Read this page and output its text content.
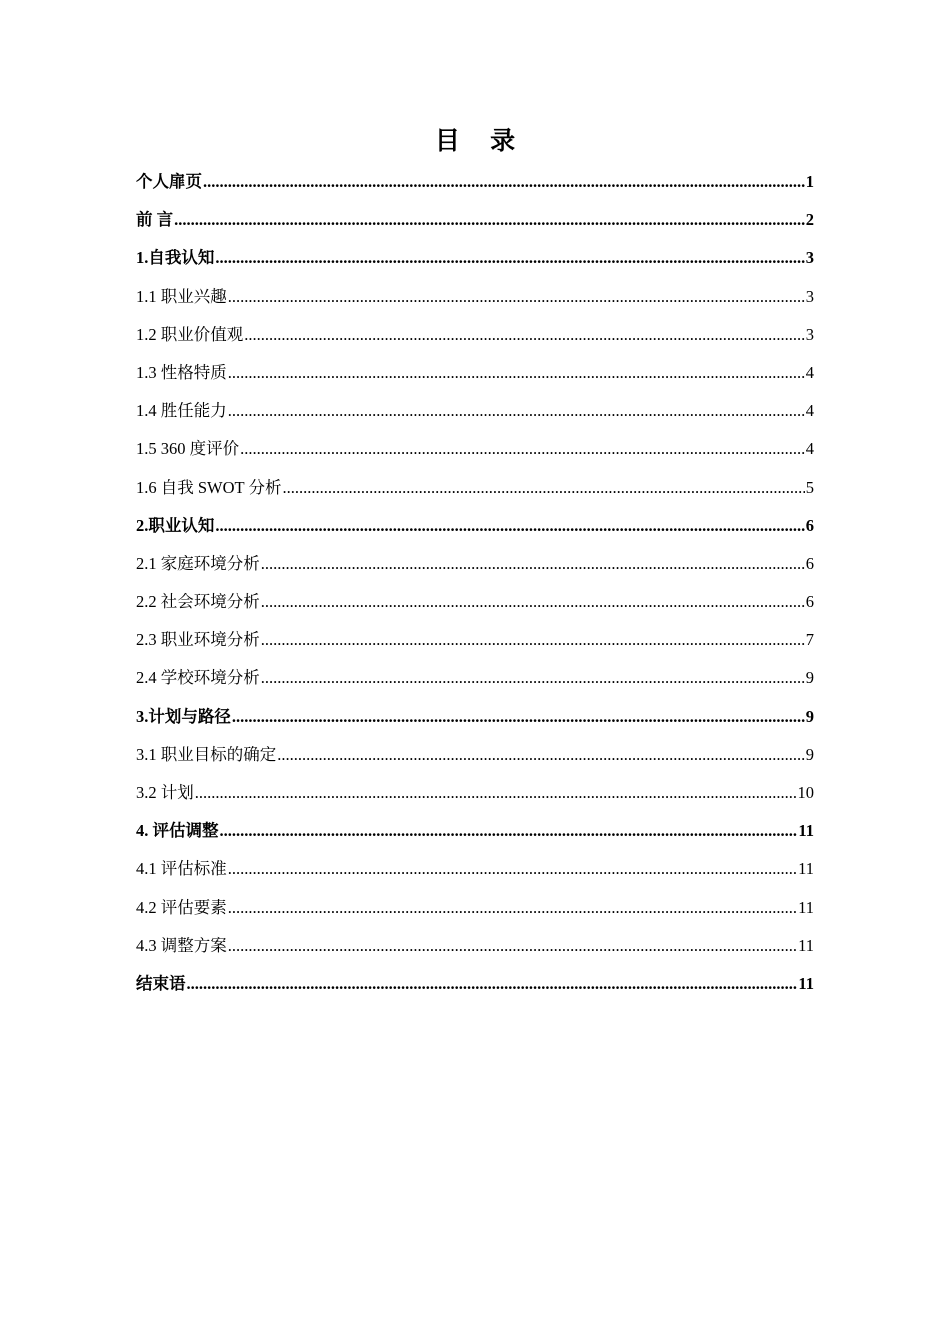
目 录
个人扉页 .....	1
前 言 .....	2
1.自我认知 .....	3
1.1 职业兴趣 .....	3
1.2 职业价值观 .....	3
1.3 性格特质 .....	4
1.4 胜任能力 .....	4
1.5 360 度评价 .....	4
1.6 自我 SWOT 分析 .....	5
2.职业认知 .....	6
2.1 家庭环境分析 .....	6
2.2 社会环境分析 .....	6
2.3 职业环境分析 .....	7
2.4 学校环境分析 .....	9
3.计划与路径 .....	9
3.1 职业目标的确定 .....	9
3.2 计划 .....	10
4. 评估调整 .....	11
4.1 评估标准 .....	11
4.2 评估要素 .....	11
4.3 调整方案 .....	11
结束语 .....	11
